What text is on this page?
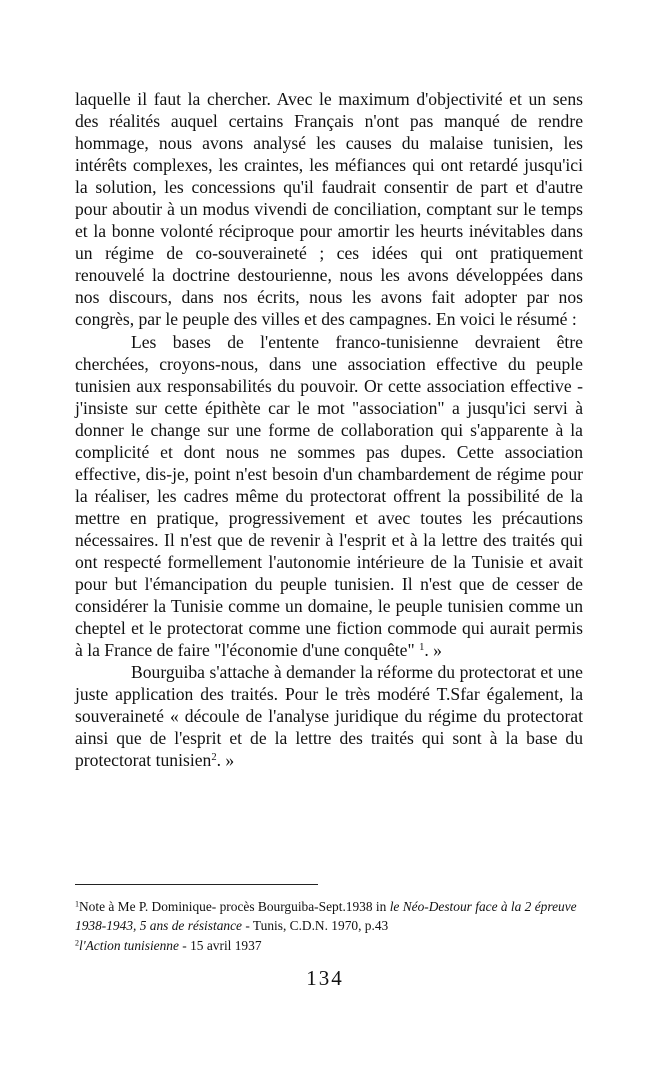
laquelle il faut la chercher. Avec le maximum d'objectivité et un sens des réalités auquel certains Français n'ont pas manqué de rendre hommage, nous avons analysé les causes du malaise tunisien, les intérêts complexes, les craintes, les méfiances qui ont retardé jusqu'ici la solution, les concessions qu'il faudrait consentir de part et d'autre pour aboutir à un modus vivendi de conciliation, comptant sur le temps et la bonne volonté réciproque pour amortir les heurts inévitables dans un régime de co-souveraineté ; ces idées qui ont pratiquement renouvelé la doctrine destourienne, nous les avons développées dans nos discours, dans nos écrits, nous les avons fait adopter par nos congrès, par le peuple des villes et des campagnes. En voici le résumé :

Les bases de l'entente franco-tunisienne devraient être cherchées, croyons-nous, dans une association effective du peuple tunisien aux responsabilités du pouvoir. Or cette association effective - j'insiste sur cette épithète car le mot "association" a jusqu'ici servi à donner le change sur une forme de collaboration qui s'apparente à la complicité et dont nous ne sommes pas dupes. Cette association effective, dis-je, point n'est besoin d'un chambardement de régime pour la réaliser, les cadres même du protectorat offrent la possibilité de la mettre en pratique, progressivement et avec toutes les précautions nécessaires. Il n'est que de revenir à l'esprit et à la lettre des traités qui ont respecté formellement l'autonomie intérieure de la Tunisie et avait pour but l'émancipation du peuple tunisien. Il n'est que de cesser de considérer la Tunisie comme un domaine, le peuple tunisien comme un cheptel et le protectorat comme une fiction commode qui aurait permis à la France de faire "l'économie d'une conquête" $^1$. »

Bourguiba s'attache à demander la réforme du protectorat et une juste application des traités. Pour le très modéré T.Sfar également, la souveraineté « découle de l'analyse juridique du régime du protectorat ainsi que de l'esprit et de la lettre des traités qui sont à la base du protectorat tunisien$^2$. »

$^1$Note à Me P. Dominique- procès Bourguiba-Sept.1938 in le Néo-Destour face à la 2 épreuve 1938-1943, 5 ans de résistance - Tunis, C.D.N. 1970, p.43

$^2$l'Action tunisienne - 15 avril 1937

134
